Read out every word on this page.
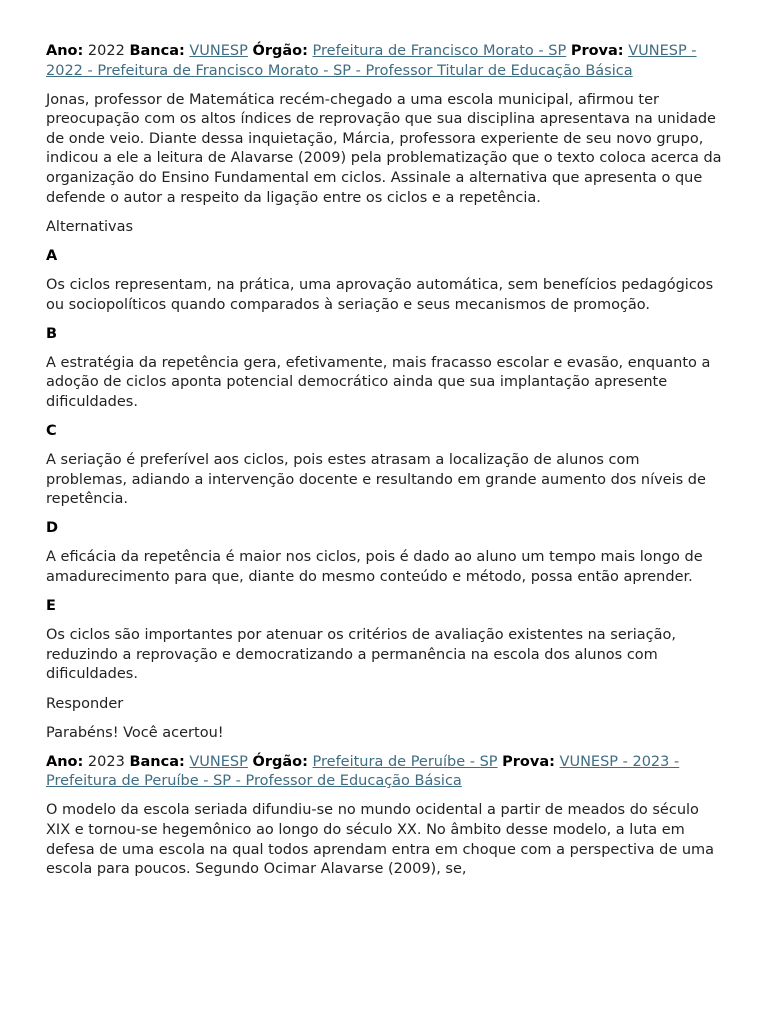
Ano: 2022 Banca: VUNESP Órgão: Prefeitura de Francisco Morato - SP Prova: VUNESP - 2022 - Prefeitura de Francisco Morato - SP - Professor Titular de Educação Básica

Jonas, professor de Matemática recém-chegado a uma escola municipal, afirmou ter preocupação com os altos índices de reprovação que sua disciplina apresentava na unidade de onde veio. Diante dessa inquietação, Márcia, professora experiente de seu novo grupo, indicou a ele a leitura de Alavarse (2009) pela problematização que o texto coloca acerca da organização do Ensino Fundamental em ciclos. Assinale a alternativa que apresenta o que defende o autor a respeito da ligação entre os ciclos e a repetência.

Alternativas

A

Os ciclos representam, na prática, uma aprovação automática, sem benefícios pedagógicos ou sociopolíticos quando comparados à seriação e seus mecanismos de promoção.

B

A estratégia da repetência gera, efetivamente, mais fracasso escolar e evasão, enquanto a adoção de ciclos aponta potencial democrático ainda que sua implantação apresente dificuldades.

C

A seriação é preferível aos ciclos, pois estes atrasam a localização de alunos com problemas, adiando a intervenção docente e resultando em grande aumento dos níveis de repetência.

D

A eficácia da repetência é maior nos ciclos, pois é dado ao aluno um tempo mais longo de amadurecimento para que, diante do mesmo conteúdo e método, possa então aprender.

E

Os ciclos são importantes por atenuar os critérios de avaliação existentes na seriação, reduzindo a reprovação e democratizando a permanência na escola dos alunos com dificuldades.

Responder

Parabéns! Você acertou!

Ano: 2023 Banca: VUNESP Órgão: Prefeitura de Peruíbe - SP Prova: VUNESP - 2023 - Prefeitura de Peruíbe - SP - Professor de Educação Básica

O modelo da escola seriada difundiu-se no mundo ocidental a partir de meados do século XIX e tornou-se hegemônico ao longo do século XX. No âmbito desse modelo, a luta em defesa de uma escola na qual todos aprendam entra em choque com a perspectiva de uma escola para poucos. Segundo Ocimar Alavarse (2009), se,
